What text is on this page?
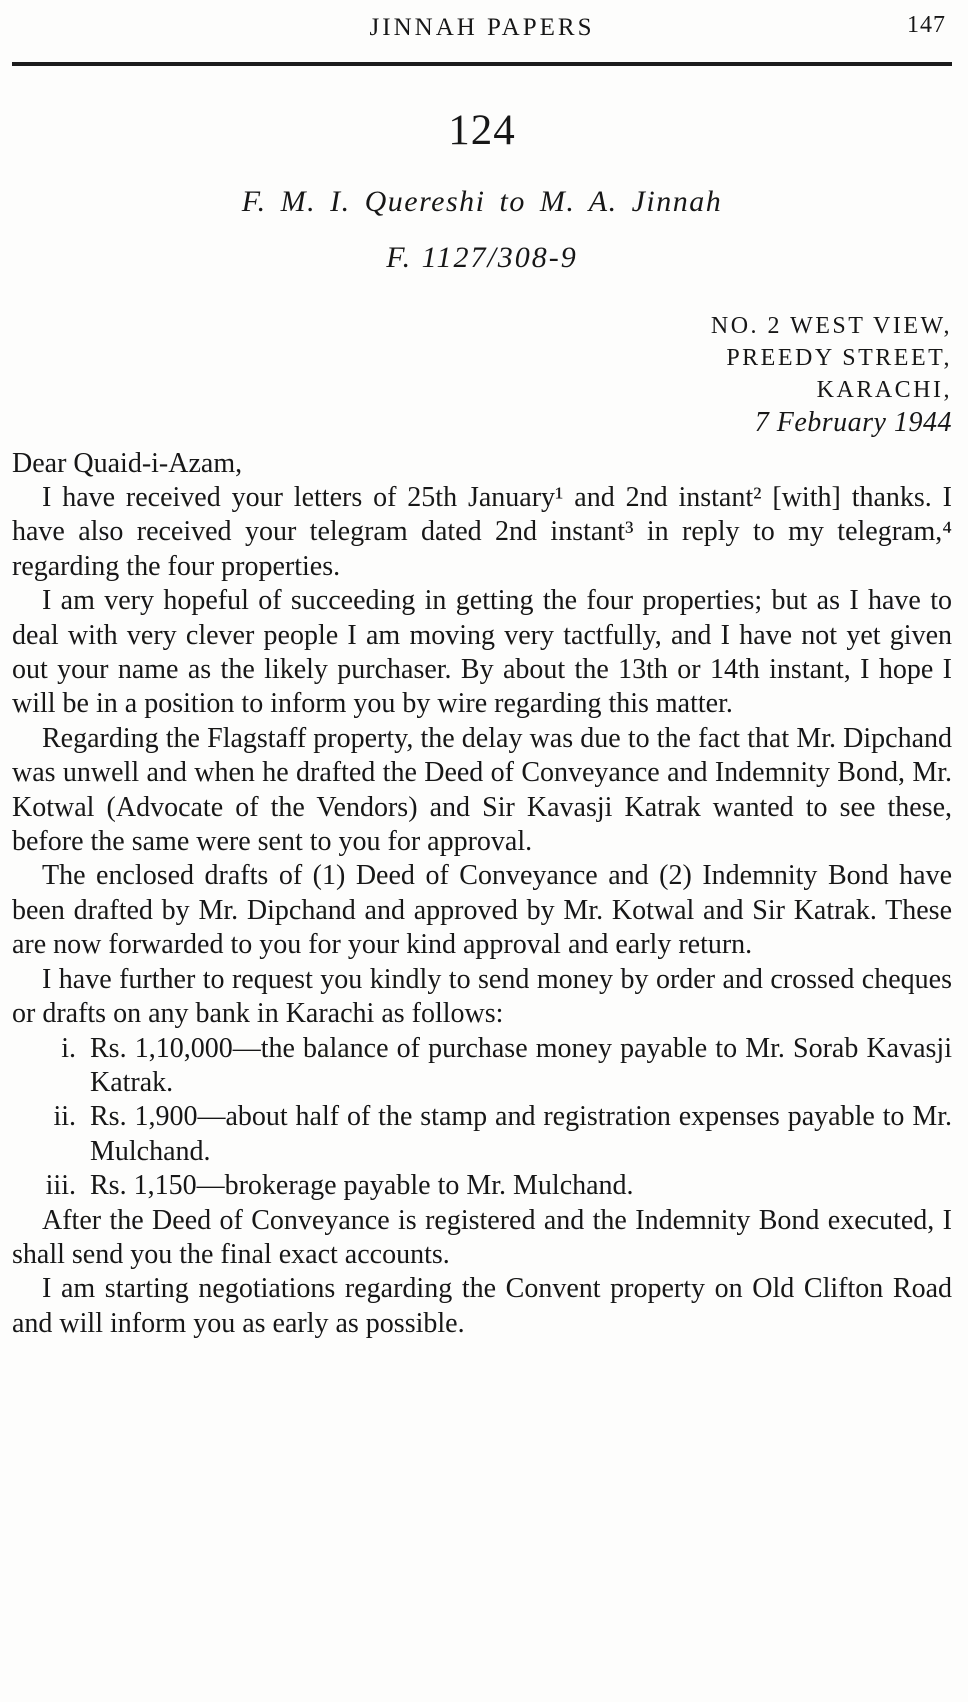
JINNAH PAPERS	147
124
F. M. I. Quereshi to M. A. Jinnah
F. 1127/308-9
NO. 2 WEST VIEW,
PREEDY STREET,
KARACHI,
7 February 1944
Dear Quaid-i-Azam,

I have received your letters of 25th January¹ and 2nd instant² [with] thanks. I have also received your telegram dated 2nd instant³ in reply to my telegram,⁴ regarding the four properties.

I am very hopeful of succeeding in getting the four properties; but as I have to deal with very clever people I am moving very tactfully, and I have not yet given out your name as the likely purchaser. By about the 13th or 14th instant, I hope I will be in a position to inform you by wire regarding this matter.

Regarding the Flagstaff property, the delay was due to the fact that Mr. Dipchand was unwell and when he drafted the Deed of Conveyance and Indemnity Bond, Mr. Kotwal (Advocate of the Vendors) and Sir Kavasji Katrak wanted to see these, before the same were sent to you for approval.

The enclosed drafts of (1) Deed of Conveyance and (2) Indemnity Bond have been drafted by Mr. Dipchand and approved by Mr. Kotwal and Sir Katrak. These are now forwarded to you for your kind approval and early return.

I have further to request you kindly to send money by order and crossed cheques or drafts on any bank in Karachi as follows:

i. Rs. 1,10,000—the balance of purchase money payable to Mr. Sorab Kavasji Katrak.
ii. Rs. 1,900—about half of the stamp and registration expenses payable to Mr. Mulchand.
iii. Rs. 1,150—brokerage payable to Mr. Mulchand.

After the Deed of Conveyance is registered and the Indemnity Bond executed, I shall send you the final exact accounts.

I am starting negotiations regarding the Convent property on Old Clifton Road and will inform you as early as possible.
